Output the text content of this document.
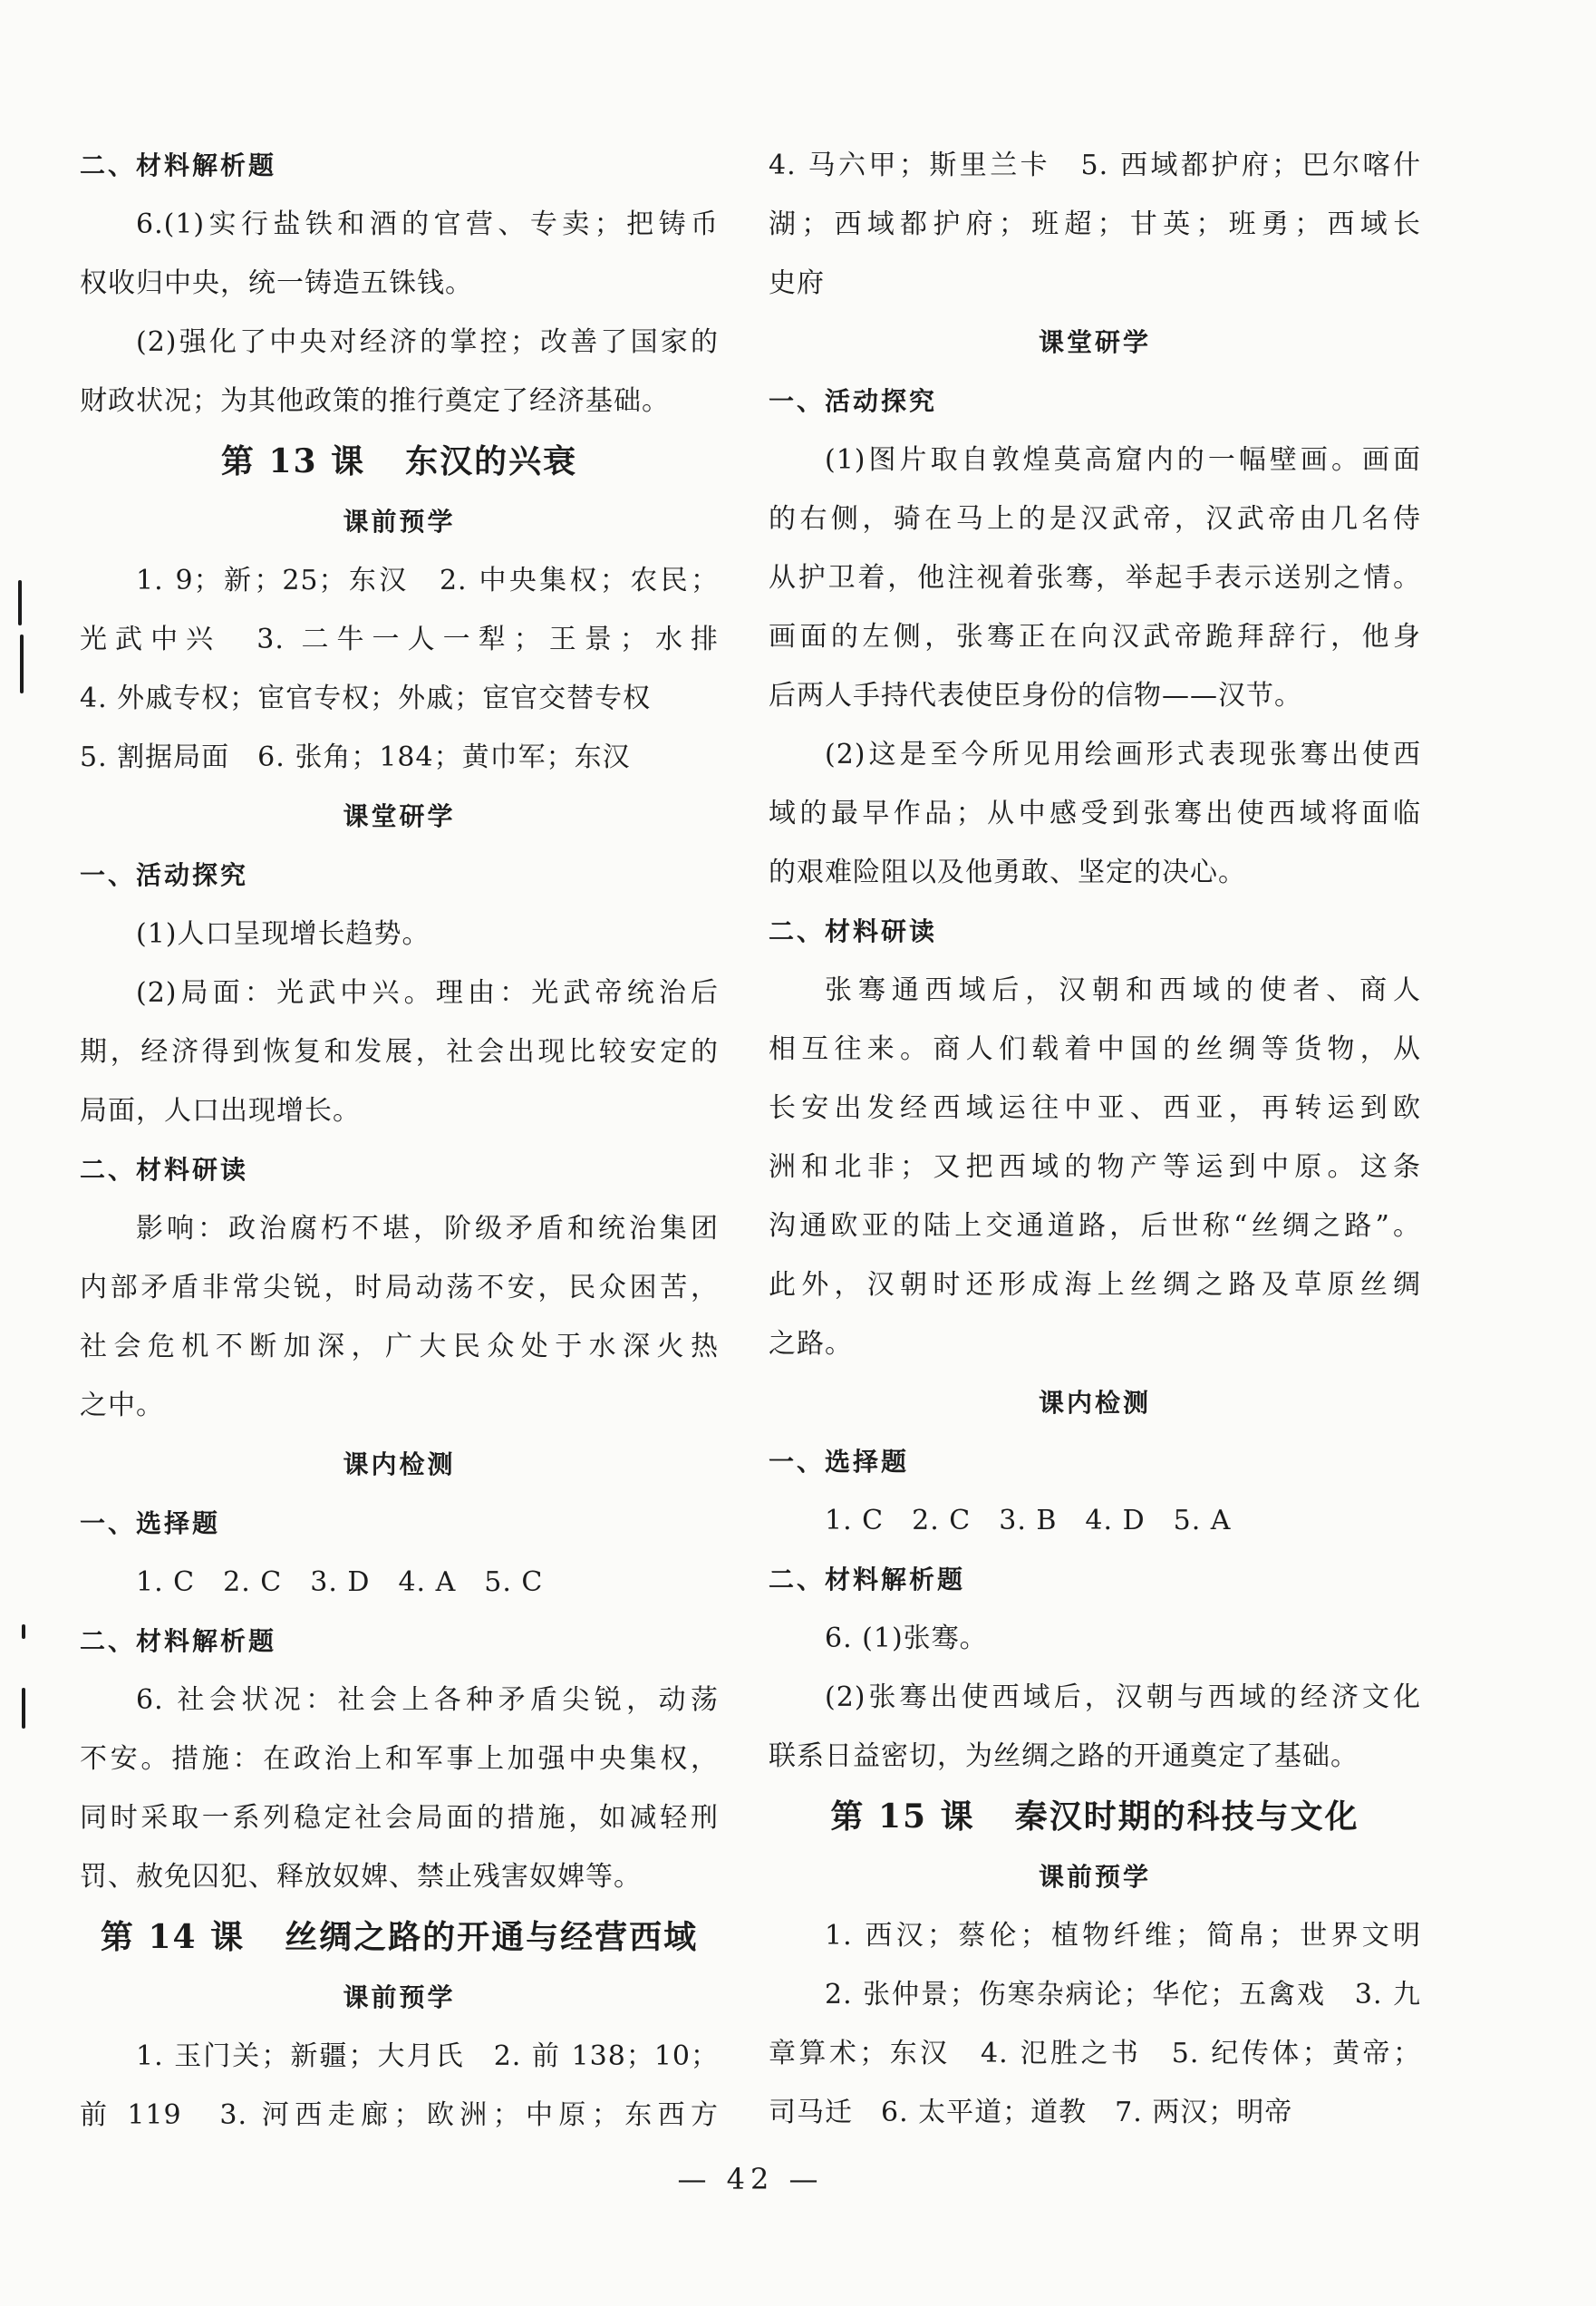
二、材料解析题
6.(1)实行盐铁和酒的官营、专卖；把铸币
权收归中央，统一铸造五铢钱。
(2)强化了中央对经济的掌控；改善了国家的
财政状况；为其他政策的推行奠定了经济基础。
第 13 课 东汉的兴衰
课前预学
1. 9；新；25；东汉　2. 中央集权；农民；
光武中兴　3. 二牛一人一犁；王景；水排
4. 外戚专权；宦官专权；外戚；宦官交替专权
5. 割据局面　6. 张角；184；黄巾军；东汉
课堂研学
一、活动探究
(1)人口呈现增长趋势。
(2)局面：光武中兴。理由：光武帝统治后
期，经济得到恢复和发展，社会出现比较安定的
局面，人口出现增长。
二、材料研读
影响：政治腐朽不堪，阶级矛盾和统治集团
内部矛盾非常尖锐，时局动荡不安，民众困苦，
社会危机不断加深，广大民众处于水深火热
之中。
课内检测
一、选择题
1. C　2. C　3. D　4. A　5. C
二、材料解析题
6. 社会状况：社会上各种矛盾尖锐，动荡
不安。措施：在政治上和军事上加强中央集权，
同时采取一系列稳定社会局面的措施，如减轻刑
罚、赦免囚犯、释放奴婢、禁止残害奴婢等。
第 14 课 丝绸之路的开通与经营西域
课前预学
1. 玉门关；新疆；大月氏　2. 前 138；10；
前 119　3. 河西走廊；欧洲；中原；东西方
4. 马六甲；斯里兰卡　5. 西域都护府；巴尔喀什
湖；西域都护府；班超；甘英；班勇；西域长
史府
课堂研学
一、活动探究
(1)图片取自敦煌莫高窟内的一幅壁画。画面
的右侧，骑在马上的是汉武帝，汉武帝由几名侍
从护卫着，他注视着张骞，举起手表示送别之情。
画面的左侧，张骞正在向汉武帝跪拜辞行，他身
后两人手持代表使臣身份的信物——汉节。
(2)这是至今所见用绘画形式表现张骞出使西
域的最早作品；从中感受到张骞出使西域将面临
的艰难险阻以及他勇敢、坚定的决心。
二、材料研读
张骞通西域后，汉朝和西域的使者、商人
相互往来。商人们载着中国的丝绸等货物，从
长安出发经西域运往中亚、西亚，再转运到欧
洲和北非；又把西域的物产等运到中原。这条
沟通欧亚的陆上交通道路，后世称“丝绸之路”。
此外，汉朝时还形成海上丝绸之路及草原丝绸
之路。
课内检测
一、选择题
1. C　2. C　3. B　4. D　5. A
二、材料解析题
6. (1)张骞。
(2)张骞出使西域后，汉朝与西域的经济文化
联系日益密切，为丝绸之路的开通奠定了基础。
第 15 课 秦汉时期的科技与文化
课前预学
1. 西汉；蔡伦；植物纤维；简帛；世界文明
2. 张仲景；伤寒杂病论；华佗；五禽戏　3. 九
章算术；东汉　4. 氾胜之书　5. 纪传体；黄帝；
司马迁　6. 太平道；道教　7. 两汉；明帝
— 42 —
